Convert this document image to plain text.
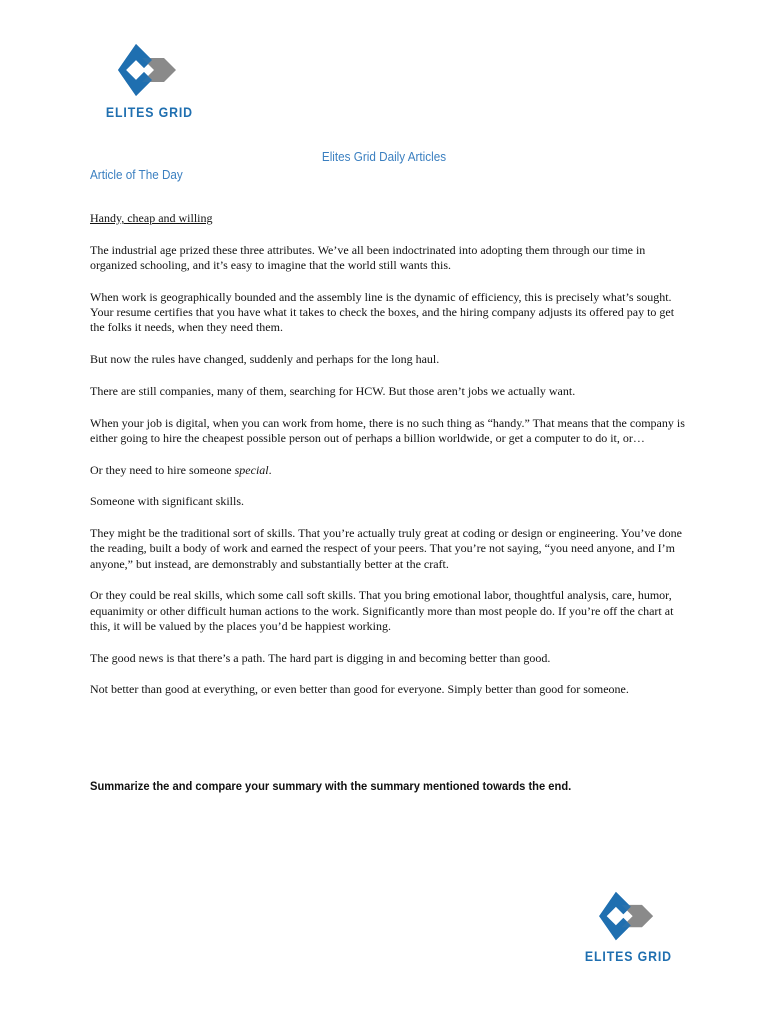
ELITES GRID
Elites Grid Daily Articles
Article of The Day

Handy, cheap and willing

The industrial age prized these three attributes. We’ve all been indoctrinated into adopting them through our time in organized schooling, and it’s easy to imagine that the world still wants this.

When work is geographically bounded and the assembly line is the dynamic of efficiency, this is precisely what’s sought. Your resume certifies that you have what it takes to check the boxes, and the hiring company adjusts its offered pay to get the folks it needs, when they need them.

But now the rules have changed, suddenly and perhaps for the long haul.

There are still companies, many of them, searching for HCW. But those aren’t jobs we actually want.

When your job is digital, when you can work from home, there is no such thing as “handy.” That means that the company is either going to hire the cheapest possible person out of perhaps a billion worldwide, or get a computer to do it, or…

Or they need to hire someone special.

Someone with significant skills.

They might be the traditional sort of skills. That you’re actually truly great at coding or design or engineering. You’ve done the reading, built a body of work and earned the respect of your peers. That you’re not saying, “you need anyone, and I’m anyone,” but instead, are demonstrably and substantially better at the craft.

Or they could be real skills, which some call soft skills. That you bring emotional labor, thoughtful analysis, care, humor, equanimity or other difficult human actions to the work. Significantly more than most people do. If you’re off the chart at this, it will be valued by the places you’d be happiest working.

The good news is that there’s a path. The hard part is digging in and becoming better than good.

Not better than good at everything, or even better than good for everyone. Simply better than good for someone.

Summarize the and compare your summary with the summary mentioned towards the end.
ELITES GRID
